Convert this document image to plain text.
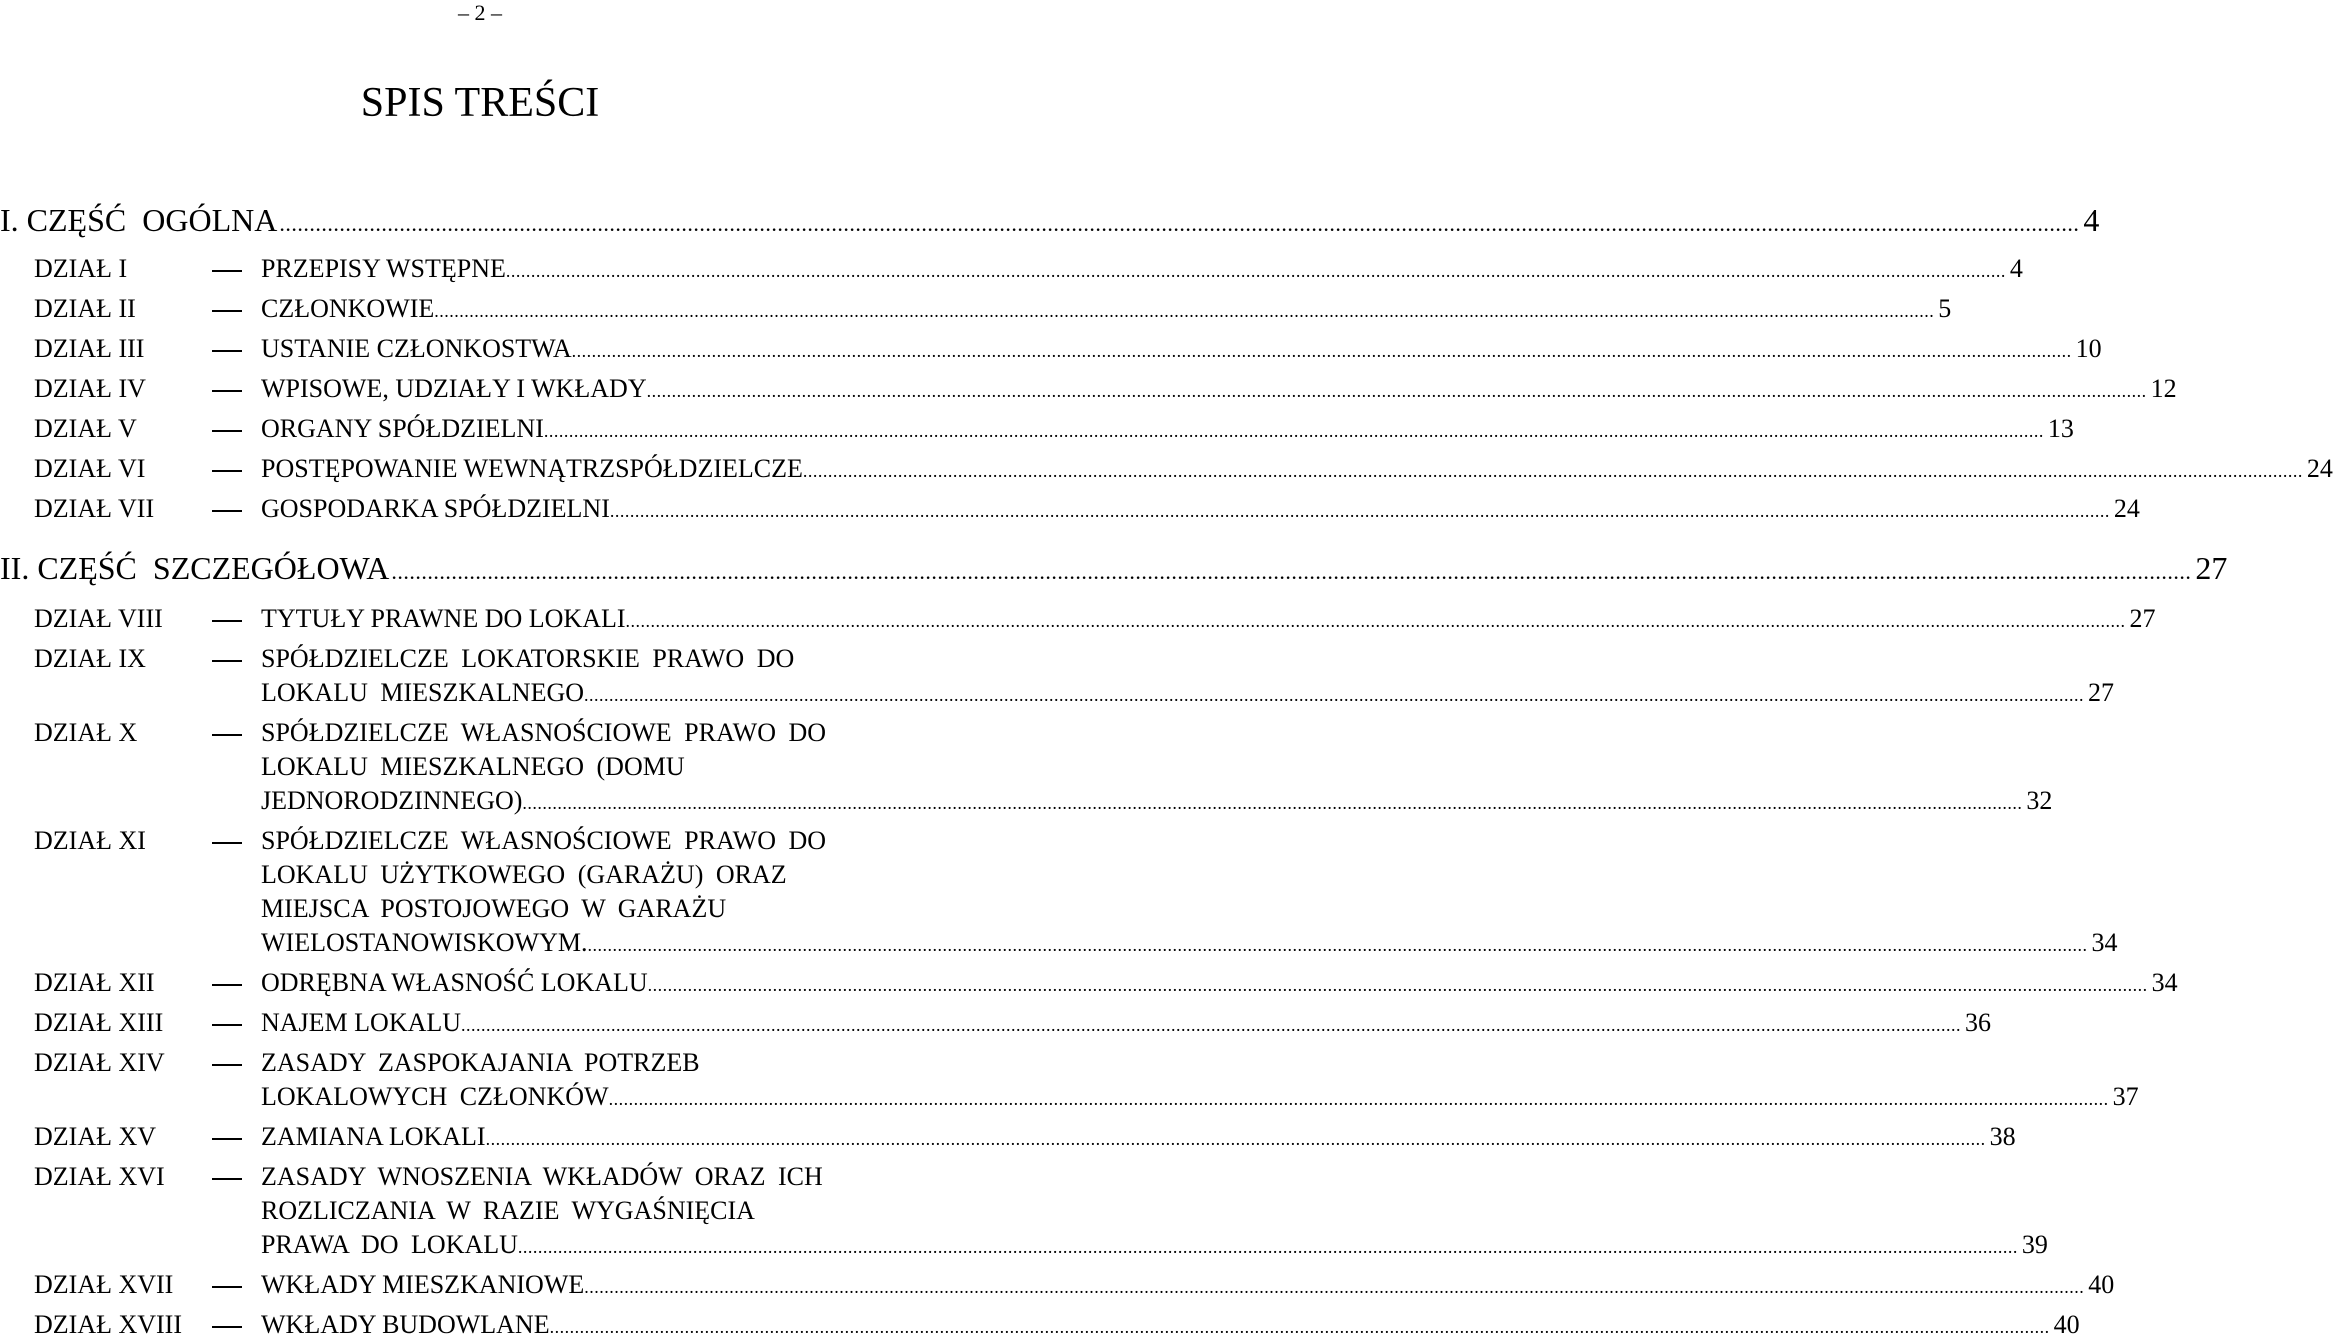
– 2 –
SPIS TREŚCI
I. CZĘŚĆ  OGÓLNA ............................................................................................................................................................................................................................................................................................................ 4
DZIAŁ I	PRZEPISY WSTĘPNE ............................................................................................................................................................................................................................................................................................................ 4
DZIAŁ II	CZŁONKOWIE ............................................................................................................................................................................................................................................................................................................ 5
DZIAŁ III	USTANIE CZŁONKOSTWA ............................................................................................................................................................................................................................................................................................................ 10
DZIAŁ IV	WPISOWE, UDZIAŁY I WKŁADY ............................................................................................................................................................................................................................................................................................................ 12
DZIAŁ V	ORGANY SPÓŁDZIELNI ............................................................................................................................................................................................................................................................................................................ 13
DZIAŁ VI	POSTĘPOWANIE WEWNĄTRZSPÓŁDZIELCZE ............................................................................................................................................................................................................................................................................................................ 24
DZIAŁ VII	GOSPODARKA SPÓŁDZIELNI ............................................................................................................................................................................................................................................................................................................ 24
II. CZĘŚĆ  SZCZEGÓŁOWA ............................................................................................................................................................................................................................................................................................................ 27
DZIAŁ VIII	TYTUŁY PRAWNE DO LOKALI ............................................................................................................................................................................................................................................................................................................ 27
DZIAŁ IX	SPÓŁDZIELCZE LOKATORSKIE PRAWO DO
LOKALU MIESZKALNEGO ............................................................................................................................................................................................................................................................................................................ 27
DZIAŁ X	SPÓŁDZIELCZE WŁASNOŚCIOWE PRAWO DO
LOKALU MIESZKALNEGO (DOMU
JEDNORODZINNEGO) ............................................................................................................................................................................................................................................................................................................ 32
DZIAŁ XI	SPÓŁDZIELCZE WŁASNOŚCIOWE PRAWO DO
LOKALU UŻYTKOWEGO (GARAŻU) ORAZ
MIEJSCA POSTOJOWEGO W GARAŻU
WIELOSTANOWISKOWYM. ............................................................................................................................................................................................................................................................................................................ 34
DZIAŁ XII	ODRĘBNA WŁASNOŚĆ LOKALU ............................................................................................................................................................................................................................................................................................................ 34
DZIAŁ XIII	NAJEM LOKALU ............................................................................................................................................................................................................................................................................................................ 36
DZIAŁ XIV	ZASADY ZASPOKAJANIA POTRZEB
LOKALOWYCH CZŁONKÓW ............................................................................................................................................................................................................................................................................................................ 37
DZIAŁ XV	ZAMIANA LOKALI ............................................................................................................................................................................................................................................................................................................ 38
DZIAŁ XVI	ZASADY WNOSZENIA WKŁADÓW ORAZ ICH
ROZLICZANIA W RAZIE WYGAŚNIĘCIA
PRAWA DO LOKALU ............................................................................................................................................................................................................................................................................................................ 39
DZIAŁ XVII	WKŁADY MIESZKANIOWE ............................................................................................................................................................................................................................................................................................................ 40
DZIAŁ XVIII	WKŁADY BUDOWLANE ............................................................................................................................................................................................................................................................................................................ 40
